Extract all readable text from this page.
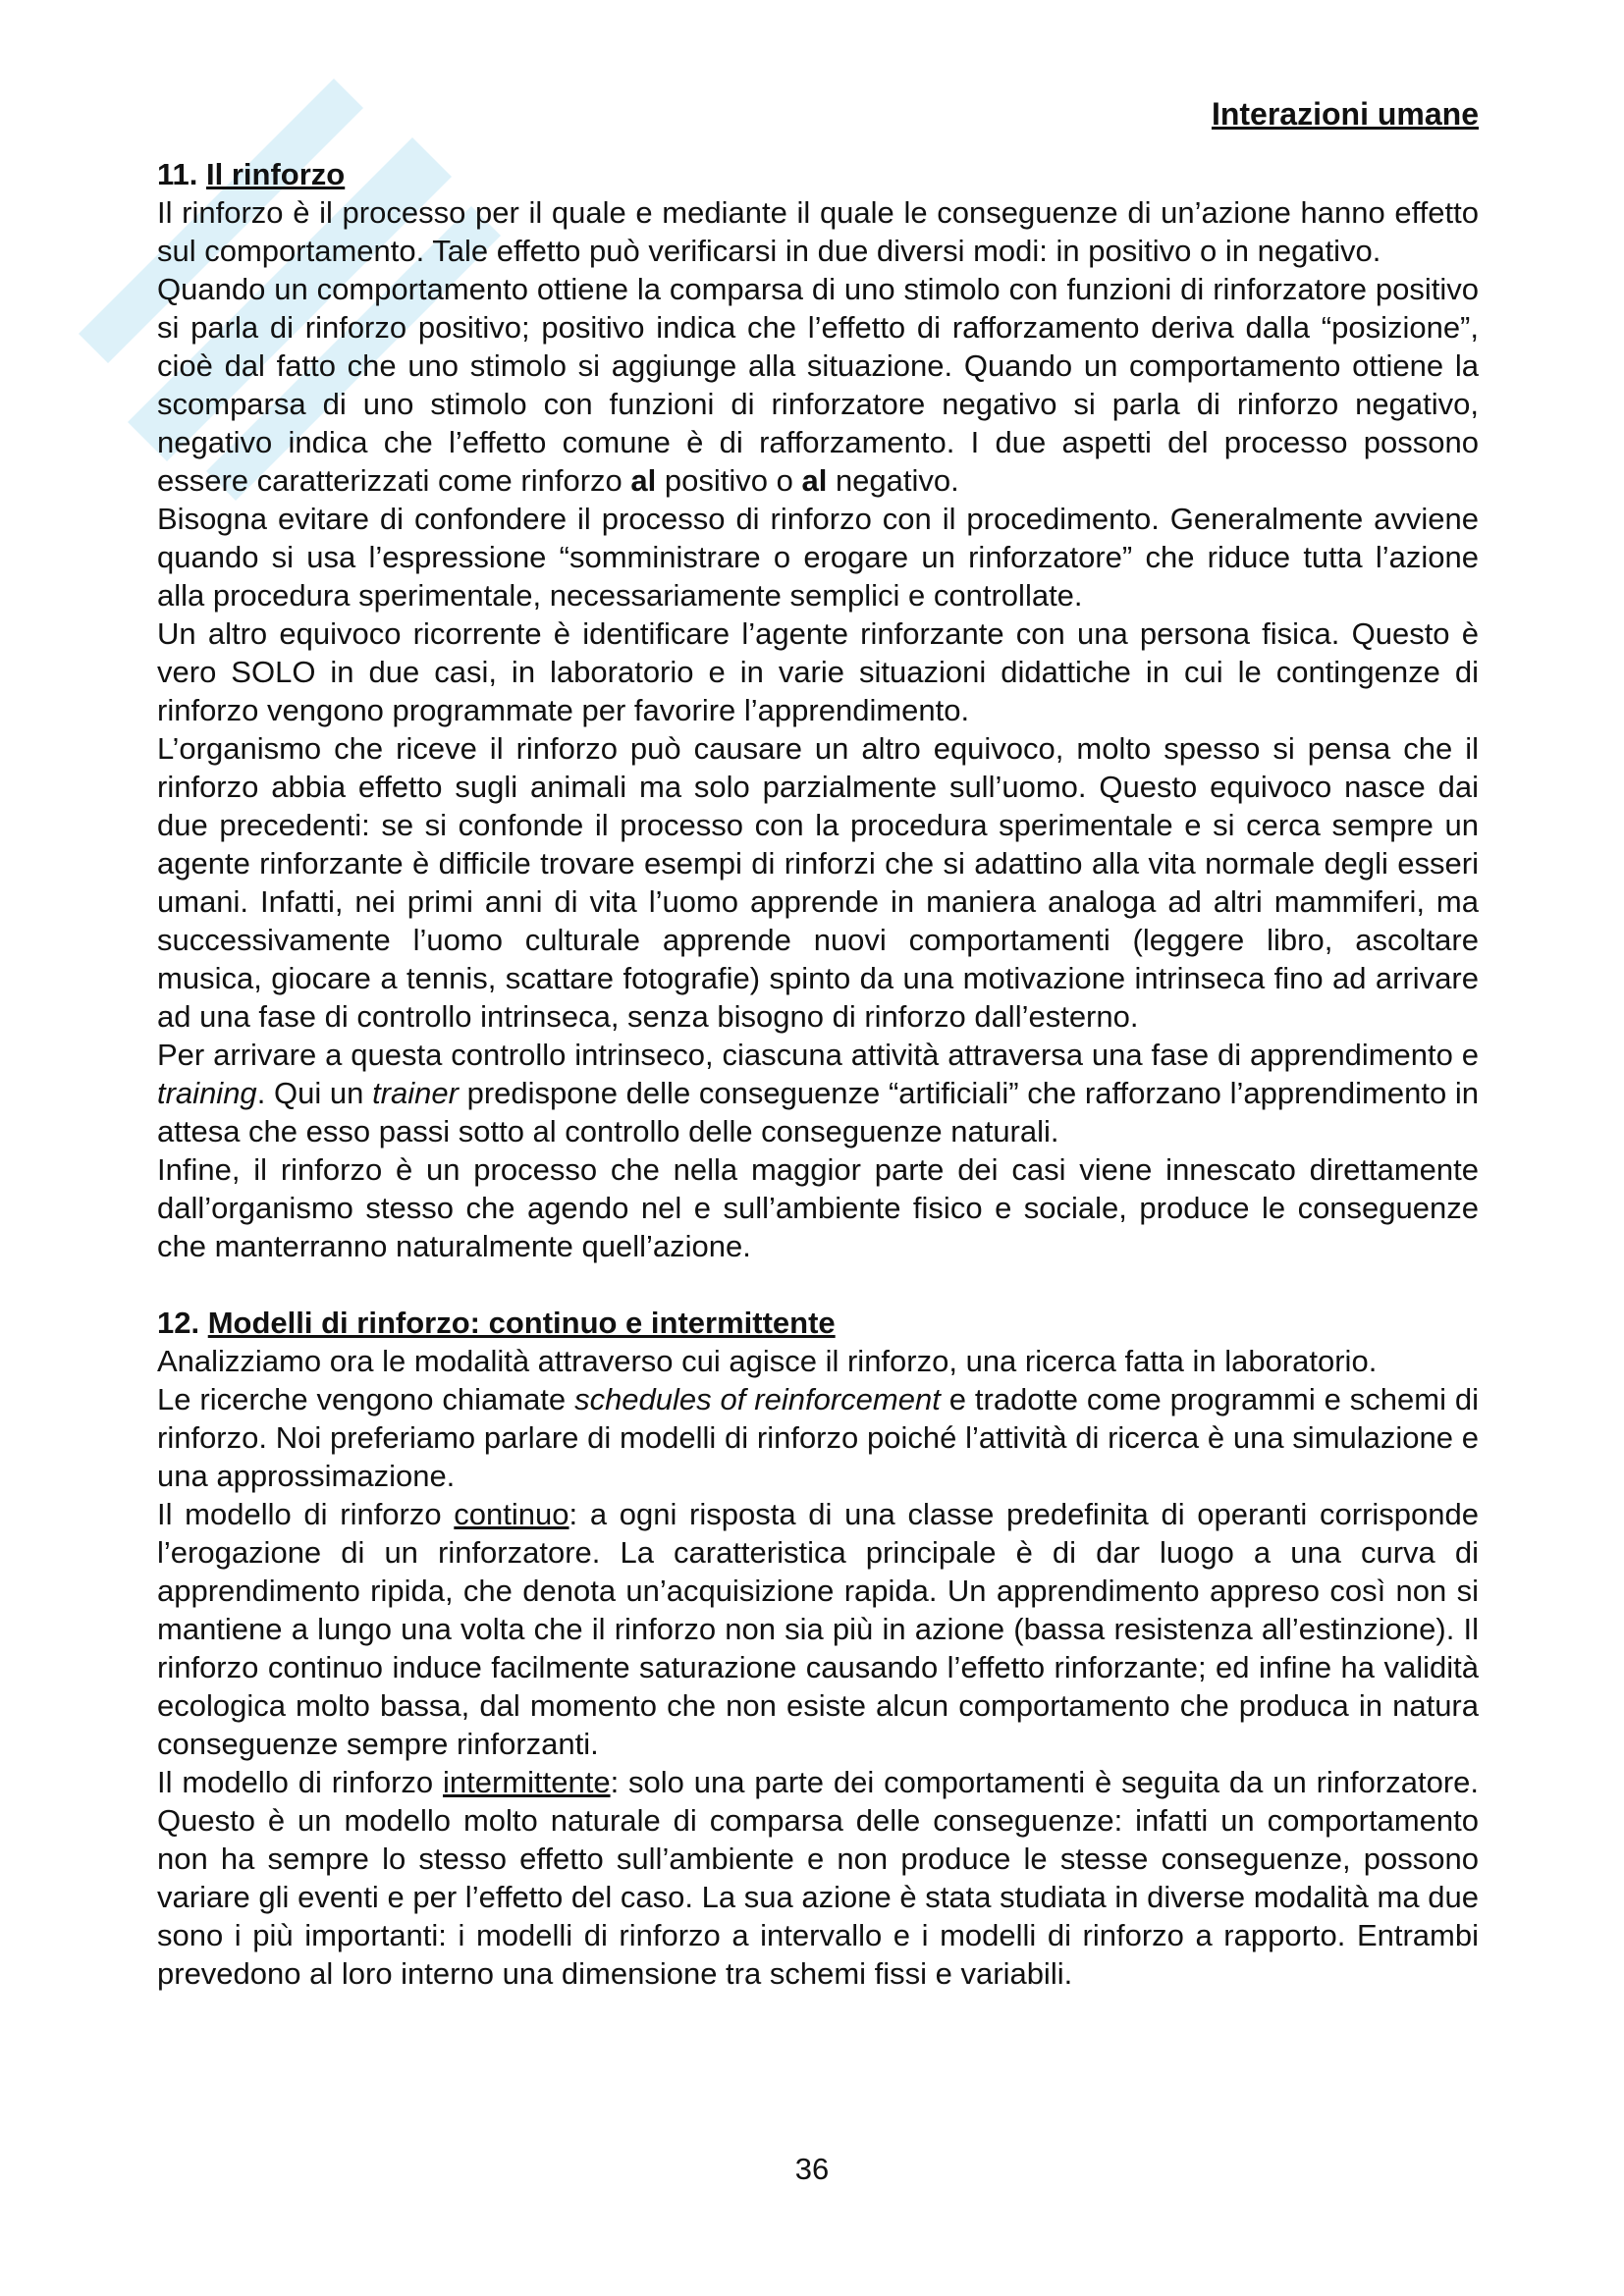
Interazioni umane
11. Il rinforzo

Il rinforzo è il processo per il quale e mediante il quale le conseguenze di un’azione hanno effetto sul comportamento. Tale effetto può verificarsi in due diversi modi: in positivo o in negativo.

Quando un comportamento ottiene la comparsa di uno stimolo con funzioni di rinforzatore positivo si parla di rinforzo positivo; positivo indica che l’effetto di rafforzamento deriva dalla “posizione”, cioè dal fatto che uno stimolo si aggiunge alla situazione. Quando un comportamento ottiene la scomparsa di uno stimolo con funzioni di rinforzatore negativo si parla di rinforzo negativo, negativo indica che l’effetto comune è di rafforzamento. I due aspetti del processo possono essere caratterizzati come rinforzo al positivo o al negativo.

Bisogna evitare di confondere il processo di rinforzo con il procedimento. Generalmente avviene quando si usa l’espressione “somministrare o erogare un rinforzatore” che riduce tutta l’azione alla procedura sperimentale, necessariamente semplici e controllate.

Un altro equivoco ricorrente è identificare l’agente rinforzante con una persona fisica. Questo è vero SOLO in due casi, in laboratorio e in varie situazioni didattiche in cui le contingenze di rinforzo vengono programmate per favorire l’apprendimento.

L’organismo che riceve il rinforzo può causare un altro equivoco, molto spesso si pensa che il rinforzo abbia effetto sugli animali ma solo parzialmente sull’uomo. Questo equivoco nasce dai due precedenti: se si confonde il processo con la procedura sperimentale e si cerca sempre un agente rinforzante è difficile trovare esempi di rinforzi che si adattino alla vita normale degli esseri umani. Infatti, nei primi anni di vita l’uomo apprende in maniera analoga ad altri mammiferi, ma successivamente l’uomo culturale apprende nuovi comportamenti (leggere libro, ascoltare musica, giocare a tennis, scattare fotografie) spinto da una motivazione intrinseca fino ad arrivare ad una fase di controllo intrinseca, senza bisogno di rinforzo dall’esterno.

Per arrivare a questa controllo intrinseco, ciascuna attività attraversa una fase di apprendimento e training. Qui un trainer predispone delle conseguenze “artificiali” che rafforzano l’apprendimento in attesa che esso passi sotto al controllo delle conseguenze naturali.

Infine, il rinforzo è un processo che nella maggior parte dei casi viene innescato direttamente dall’organismo stesso che agendo nel e sull’ambiente fisico e sociale, produce le conseguenze che manterranno naturalmente quell’azione.

12. Modelli di rinforzo: continuo e intermittente

Analizziamo ora le modalità attraverso cui agisce il rinforzo, una ricerca fatta in laboratorio.

Le ricerche vengono chiamate schedules of reinforcement e tradotte come programmi e schemi di rinforzo. Noi preferiamo parlare di modelli di rinforzo poiché l’attività di ricerca è una simulazione e una approssimazione.

Il modello di rinforzo continuo: a ogni risposta di una classe predefinita di operanti corrisponde l’erogazione di un rinforzatore. La caratteristica principale è di dar luogo a una curva di apprendimento ripida, che denota un’acquisizione rapida. Un apprendimento appreso così non si mantiene a lungo una volta che il rinforzo non sia più in azione (bassa resistenza all’estinzione). Il rinforzo continuo induce facilmente saturazione causando l’effetto rinforzante; ed infine ha validità ecologica molto bassa, dal momento che non esiste alcun comportamento che produca in natura conseguenze sempre rinforzanti.

Il modello di rinforzo intermittente: solo una parte dei comportamenti è seguita da un rinforzatore. Questo è un modello molto naturale di comparsa delle conseguenze: infatti un comportamento non ha sempre lo stesso effetto sull’ambiente e non produce le stesse conseguenze, possono variare gli eventi e per l’effetto del caso. La sua azione è stata studiata in diverse modalità ma due sono i più importanti: i modelli di rinforzo a intervallo e i modelli di rinforzo a rapporto. Entrambi prevedono al loro interno una dimensione tra schemi fissi e variabili.

36
